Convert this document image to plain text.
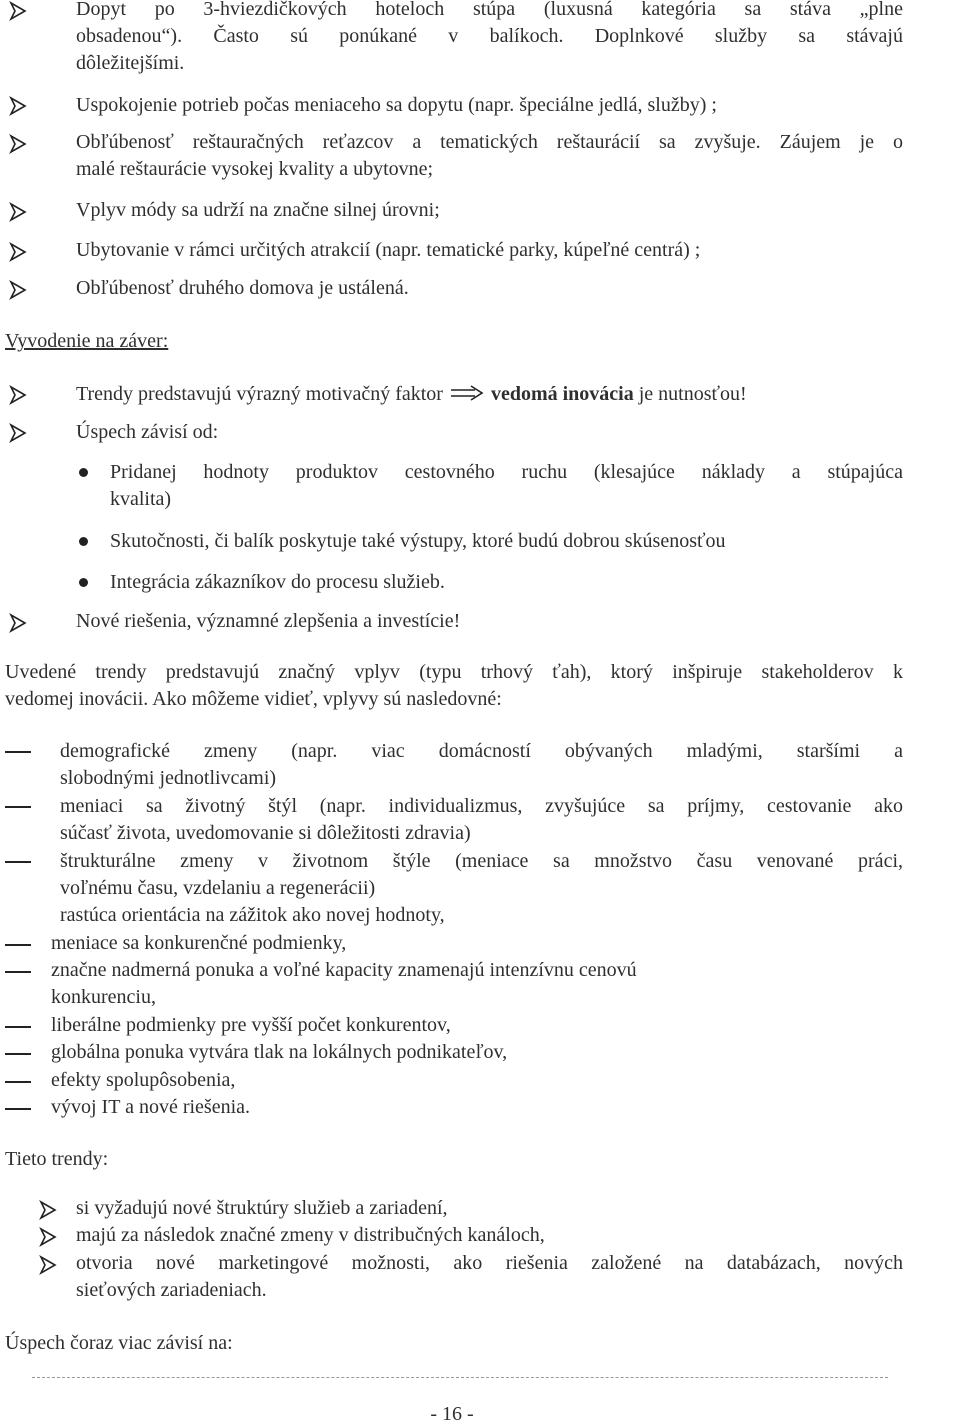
Dopyt po 3-hviezdičkových hoteloch stúpa (luxusná kategória sa stáva „plne
obsadenou“). Často sú ponúkané v balíkoch. Doplnkové služby sa stávajú
dôležitejšími.
Uspokojenie potrieb počas meniaceho sa dopytu (napr. špeciálne jedlá, služby) ;
Obľúbenosť reštauračných reťazcov a tematických reštaurácií sa zvyšuje. Záujem je o
malé reštaurácie vysokej kvality a ubytovne;
Vplyv módy sa udrží na značne silnej úrovni;
Ubytovanie v rámci určitých atrakcií (napr. tematické parky, kúpeľné centrá) ;
Obľúbenosť druhého domova je ustálená.
Vyvodenie na záver:
Trendy predstavujú výrazný motivačný faktor vedomá inovácia je nutnosťou!
Úspech závisí od:
Pridanej hodnoty produktov cestovného ruchu (klesajúce náklady a stúpajúca
kvalita)
Skutočnosti, či balík poskytuje také výstupy, ktoré budú dobrou skúsenosťou
Integrácia zákazníkov do procesu služieb.
Nové riešenia, významné zlepšenia a investície!
Uvedené trendy predstavujú značný vplyv (typu trhový ťah), ktorý inšpiruje stakeholderov k
vedomej inovácii. Ako môžeme vidieť, vplyvy sú nasledovné:
demografické zmeny (napr. viac domácností obývaných mladými, staršími a
slobodnými jednotlivcami)
meniaci sa životný štýl (napr. individualizmus, zvyšujúce sa príjmy, cestovanie ako
súčasť života, uvedomovanie si dôležitosti zdravia)
štrukturálne zmeny v životnom štýle (meniace sa množstvo času venované práci,
voľnému času, vzdelaniu a regenerácii)
rastúca orientácia na zážitok ako novej hodnoty,
meniace sa konkurenčné podmienky,
značne nadmerná ponuka a voľné kapacity znamenajú intenzívnu cenovú
konkurenciu,
liberálne podmienky pre vyšší počet konkurentov,
globálna ponuka vytvára tlak na lokálnych podnikateľov,
efekty spolupôsobenia,
vývoj IT a nové riešenia.
Tieto trendy:
si vyžadujú nové štruktúry služieb a zariadení,
majú za následok značné zmeny v distribučných kanáloch,
otvoria nové marketingové možnosti, ako riešenia založené na databázach, nových
sieťových zariadeniach.
Úspech čoraz viac závisí na:
- 16 -
